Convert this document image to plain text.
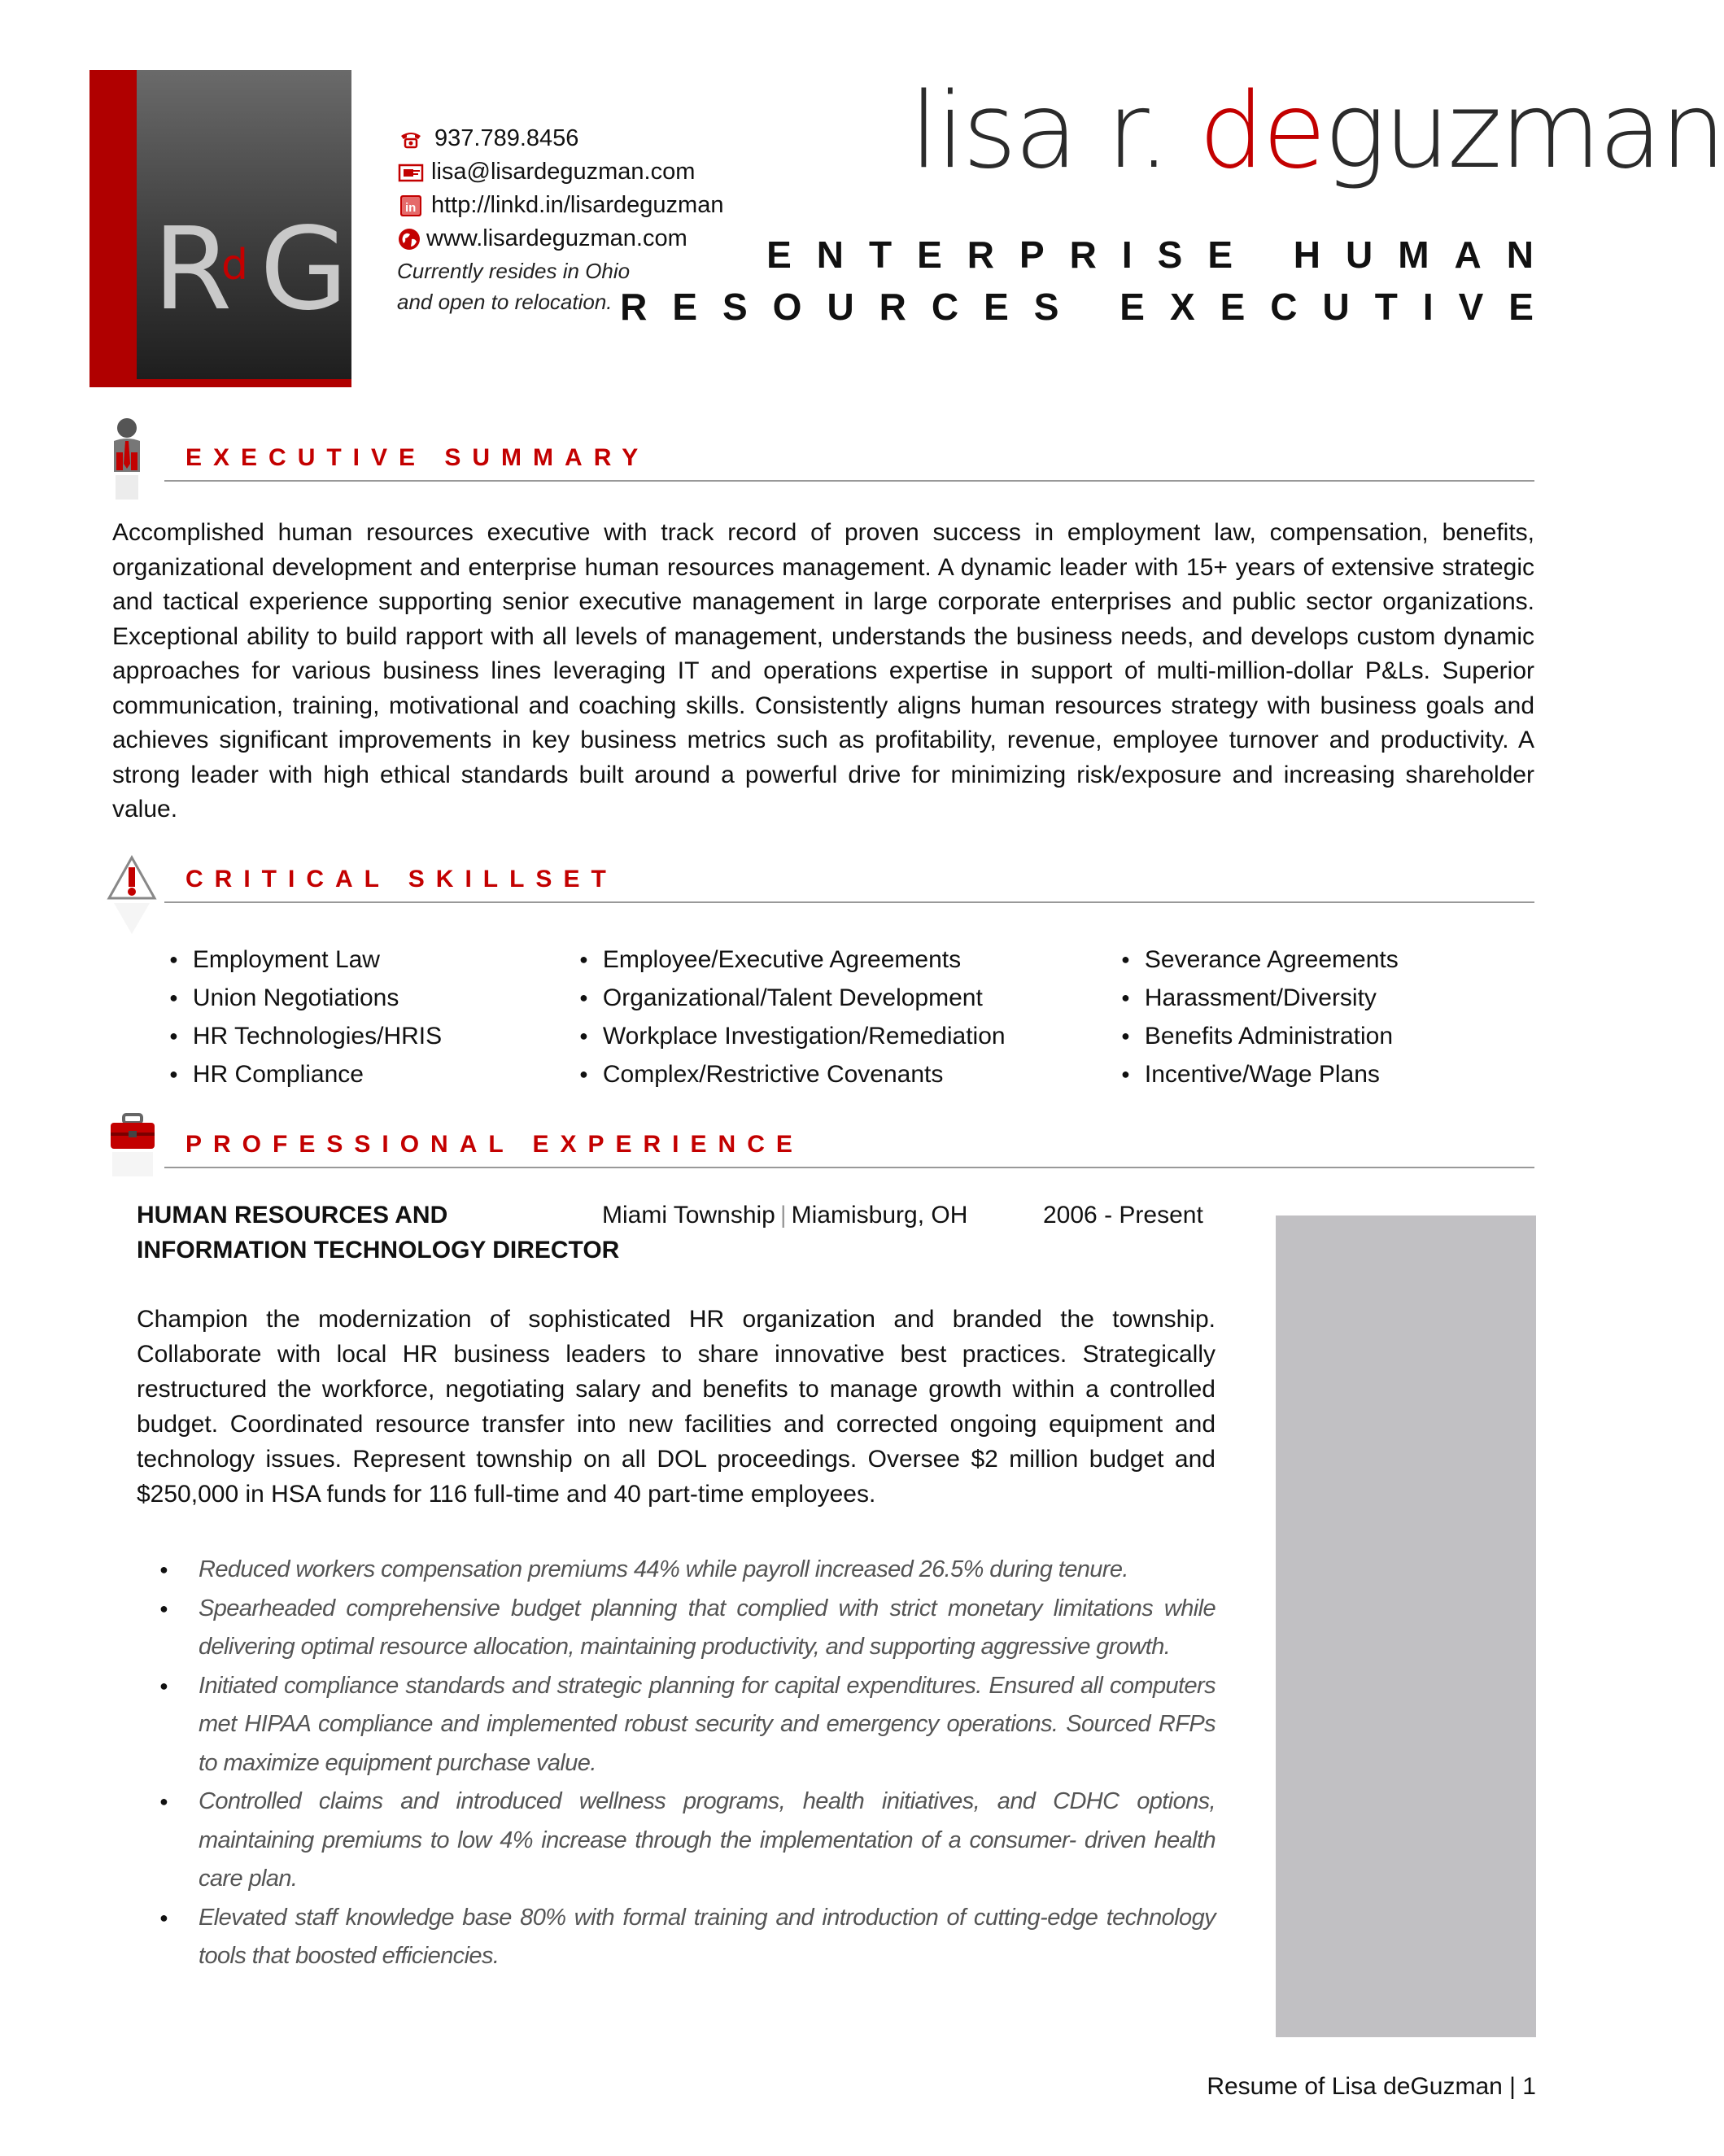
R G
d
937.789.8456
lisa@lisardeguzman.com
in http://linkd.in/lisardeguzman
www.lisardeguzman.com
Currently resides in Ohio
and open to relocation.
lisa r. deguzman
ENTERPRISE HUMAN
RESOURCES EXECUTIVE
EXECUTIVE SUMMARY
Accomplished human resources executive with track record of proven success in employment law, compensation, benefits, organizational development and enterprise human resources management. A dynamic leader with 15+ years of extensive strategic and tactical experience supporting senior executive management in large corporate enterprises and public sector organizations. Exceptional ability to build rapport with all levels of management, understands the business needs, and develops custom dynamic approaches for various business lines leveraging IT and operations expertise in support of multi-million-dollar P&Ls. Superior communication, training, motivational and coaching skills. Consistently aligns human resources strategy with business goals and achieves significant improvements in key business metrics such as profitability, revenue, employee turnover and productivity. A strong leader with high ethical standards built around a powerful drive for minimizing risk/exposure and increasing shareholder value.
CRITICAL SKILLSET
● Employment Law
● Union Negotiations
● HR Technologies/HRIS
● HR Compliance
● Employee/Executive Agreements
● Organizational/Talent Development
● Workplace Investigation/Remediation
● Complex/Restrictive Covenants
● Severance Agreements
● Harassment/Diversity
● Benefits Administration
● Incentive/Wage Plans
PROFESSIONAL EXPERIENCE
HUMAN RESOURCES AND
INFORMATION TECHNOLOGY DIRECTOR
Miami Township | Miamisburg, OH	2006 - Present
Champion the modernization of sophisticated HR organization and branded the township. Collaborate with local HR business leaders to share innovative best practices. Strategically restructured the workforce, negotiating salary and benefits to manage growth within a controlled budget. Coordinated resource transfer into new facilities and corrected ongoing equipment and technology issues. Represent township on all DOL proceedings. Oversee $2 million budget and $250,000 in HSA funds for 116 full-time and 40 part-time employees.
● Reduced workers compensation premiums 44% while payroll increased 26.5% during tenure.
● Spearheaded comprehensive budget planning that complied with strict monetary limitations while delivering optimal resource allocation, maintaining productivity, and supporting aggressive growth.
● Initiated compliance standards and strategic planning for capital expenditures. Ensured all computers met HIPAA compliance and implemented robust security and emergency operations. Sourced RFPs to maximize equipment purchase value.
● Controlled claims and introduced wellness programs, health initiatives, and CDHC options, maintaining premiums to low 4% increase through the implementation of a consumer- driven health care plan.
● Elevated staff knowledge base 80% with formal training and introduction of cutting-edge technology tools that boosted efficiencies.
Resume of Lisa deGuzman | 1
